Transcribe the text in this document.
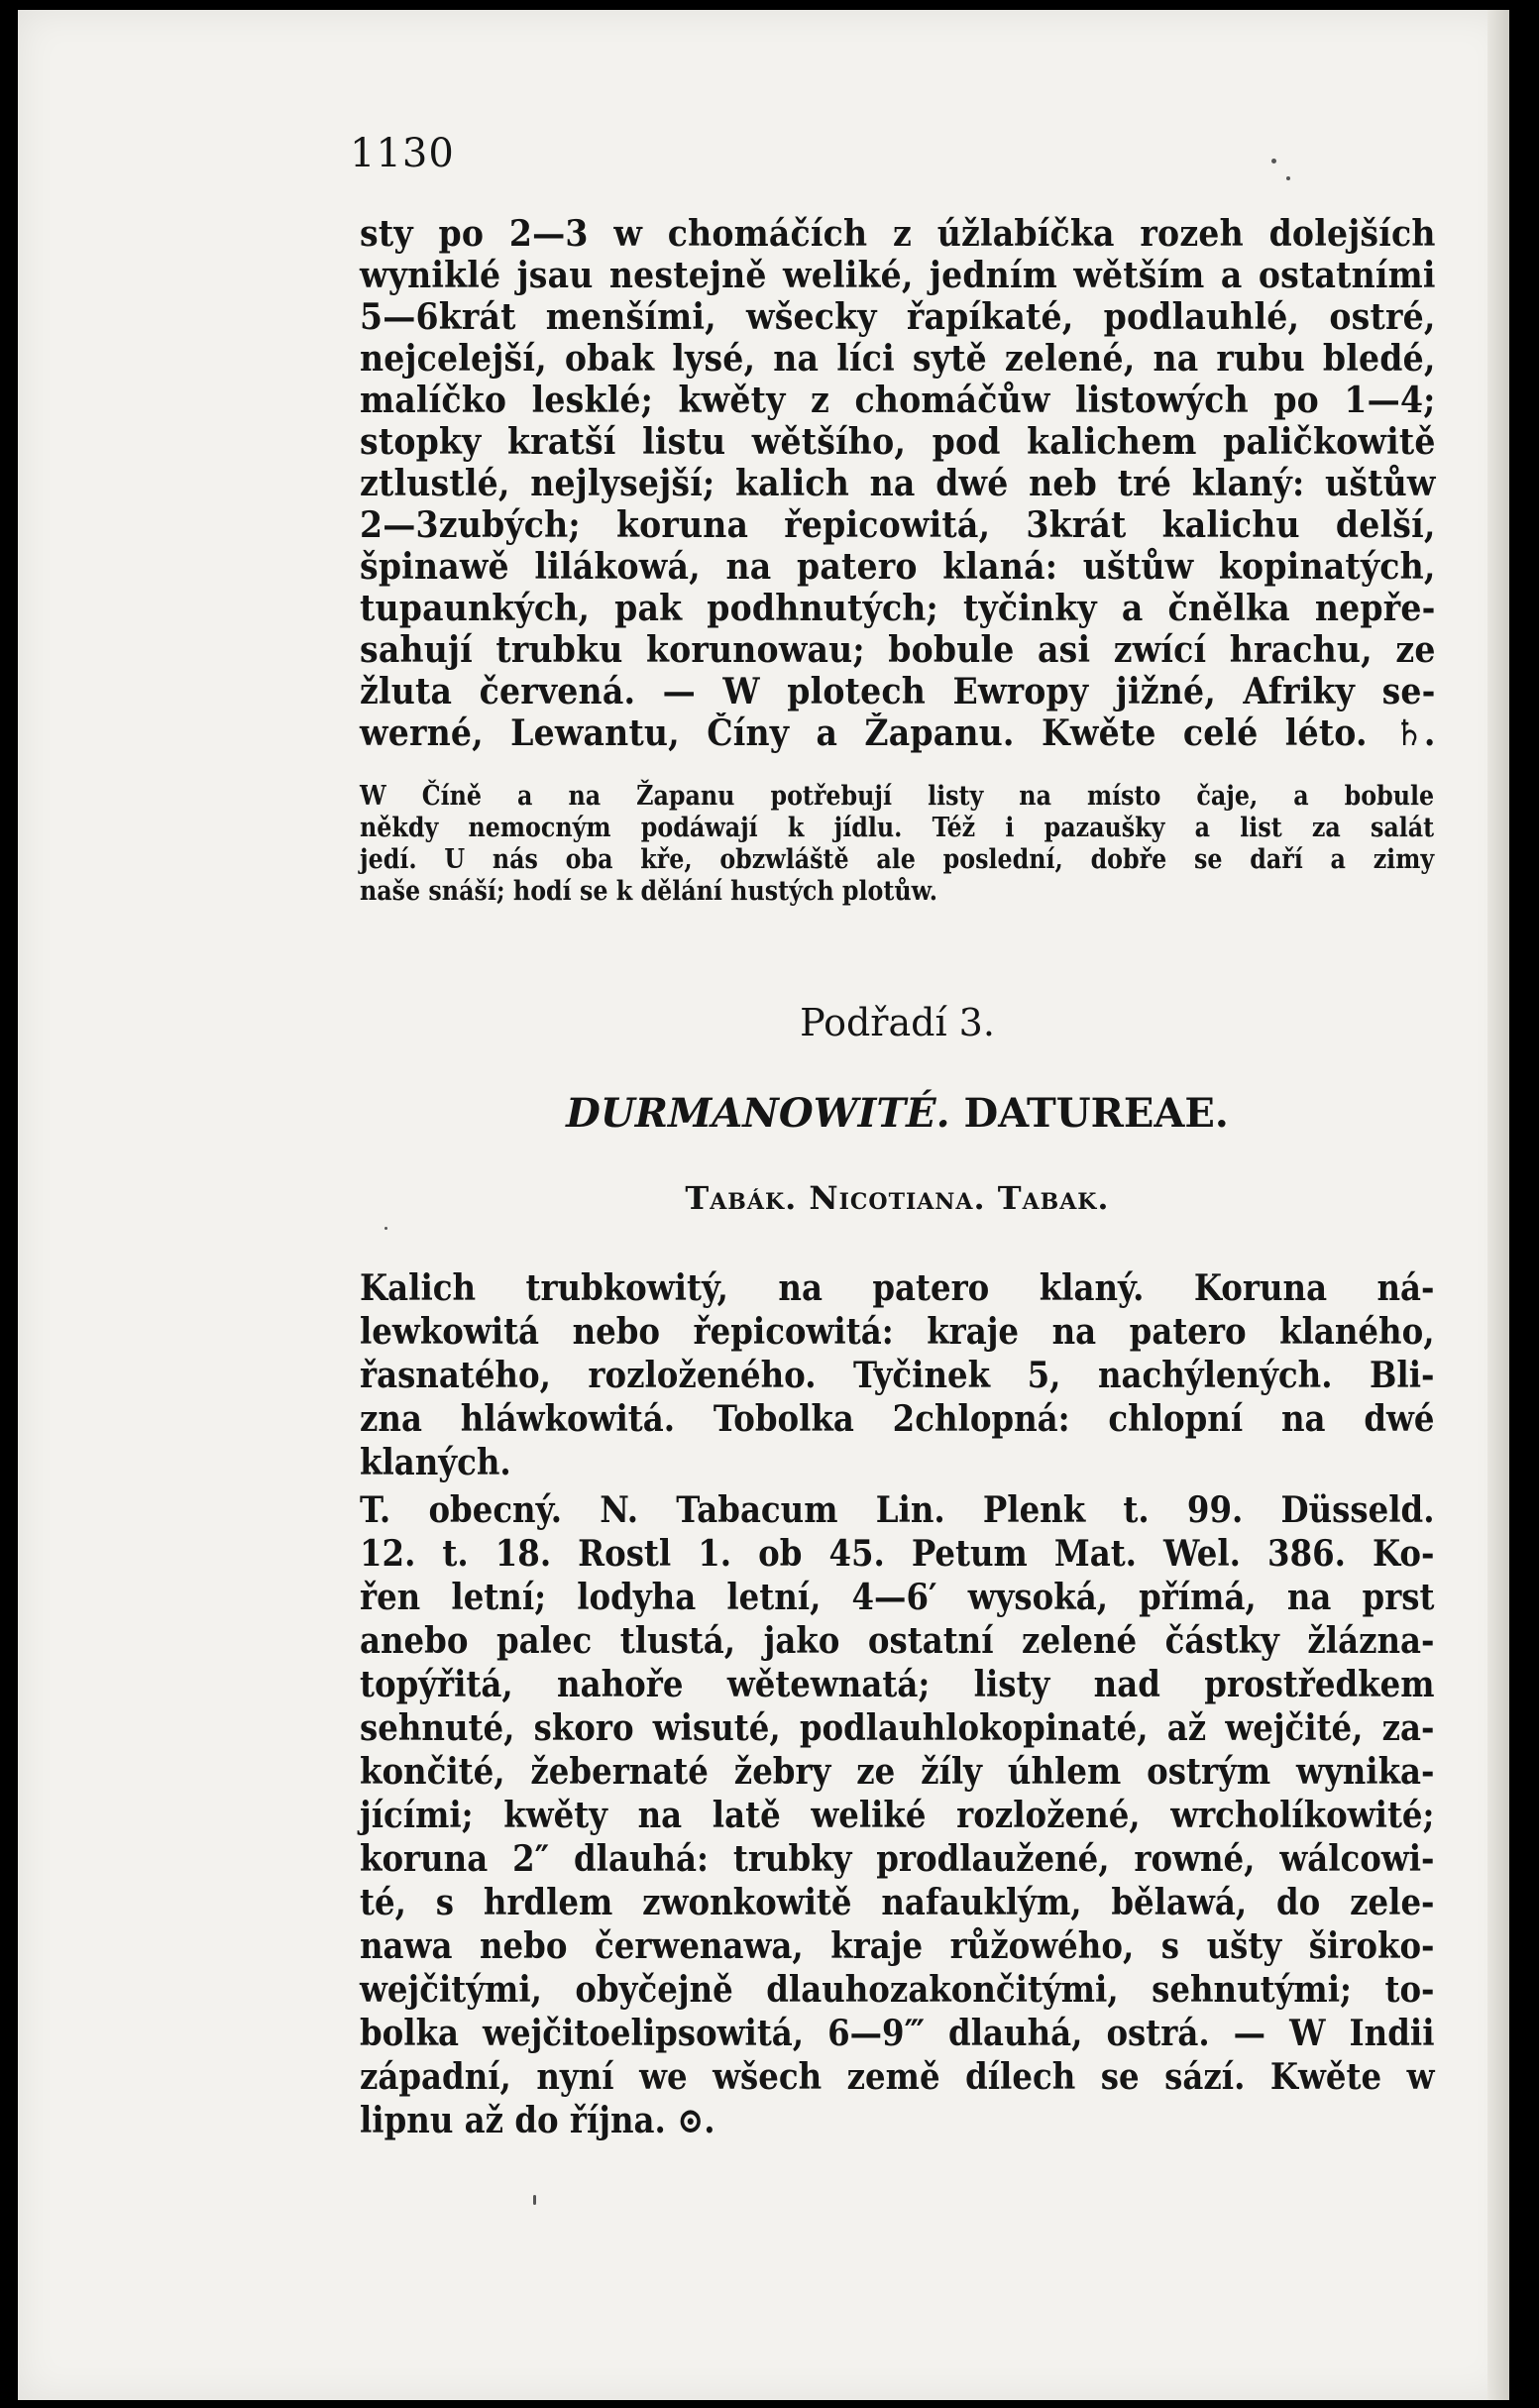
1130
sty po 2—3 w chomáčích z úžlabíčka rozeh dolejších
wyniklé jsau nestejně weliké, jedním wětším a ostatními
5—6krát menšími, wšecky řapíkaté, podlauhlé, ostré,
nejcelejší, obak lysé, na líci sytě zelené, na rubu bledé,
malíčko lesklé; kwěty z chomáčůw listowých po 1—4;
stopky kratší listu wětšího, pod kalichem paličkowitě
ztlustlé, nejlysejší; kalich na dwé neb tré klaný: uštůw
2—3zubých; koruna řepicowitá, 3krát kalichu delší,
špinawě lilákowá, na patero klaná: uštůw kopinatých,
tupaunkých, pak podhnutých; tyčinky a čnělka nepře-
sahují trubku korunowau; bobule asi zwící hrachu, ze
žluta červená. — W plotech Ewropy jižné, Afriky se-
werné, Lewantu, Číny a Žapanu. Kwěte celé léto. ♄.
W Číně a na Žapanu potřebují listy na místo čaje, a bobule
někdy nemocným podáwají k jídlu. Též i pazaušky a list za salát
jedí. U nás oba kře, obzwláště ale poslední, dobře se daří a zimy
naše snáší; hodí se k dělání hustých plotůw.
Podřadí 3.
DURMANOWITÉ. DATUREAE.
Tabák. Nicotiana. Tabak.
Kalich trubkowitý, na patero klaný. Koruna ná-
lewkowitá nebo řepicowitá: kraje na patero klaného,
řasnatého, rozloženého. Tyčinek 5, nachýlených. Bli-
zna hláwkowitá. Tobolka 2chlopná: chlopní na dwé
klaných.
T. obecný. N. Tabacum Lin. Plenk t. 99. Düsseld.
12. t. 18. Rostl 1. ob 45. Petum Mat. Wel. 386. Ko-
řen letní; lodyha letní, 4—6′ wysoká, přímá, na prst
anebo palec tlustá, jako ostatní zelené částky žlázna-
topýřitá, nahoře wětewnatá; listy nad prostředkem
sehnuté, skoro wisuté, podlauhlokopinaté, až wejčité, za-
končité, žebernaté žebry ze žíly úhlem ostrým wynika-
jícími; kwěty na latě weliké rozložené, wrcholíkowité;
koruna 2″ dlauhá: trubky prodlaužené, rowné, wálcowi-
té, s hrdlem zwonkowitě nafauklým, bělawá, do zele-
nawa nebo čerwenawa, kraje růžowého, s ušty široko-
wejčitými, obyčejně dlauhozakončitými, sehnutými; to-
bolka wejčitoelipsowitá, 6—9‴ dlauhá, ostrá. — W Indii
západní, nyní we wšech země dílech se sází. Kwěte w
lipnu až do října. ⊙.
